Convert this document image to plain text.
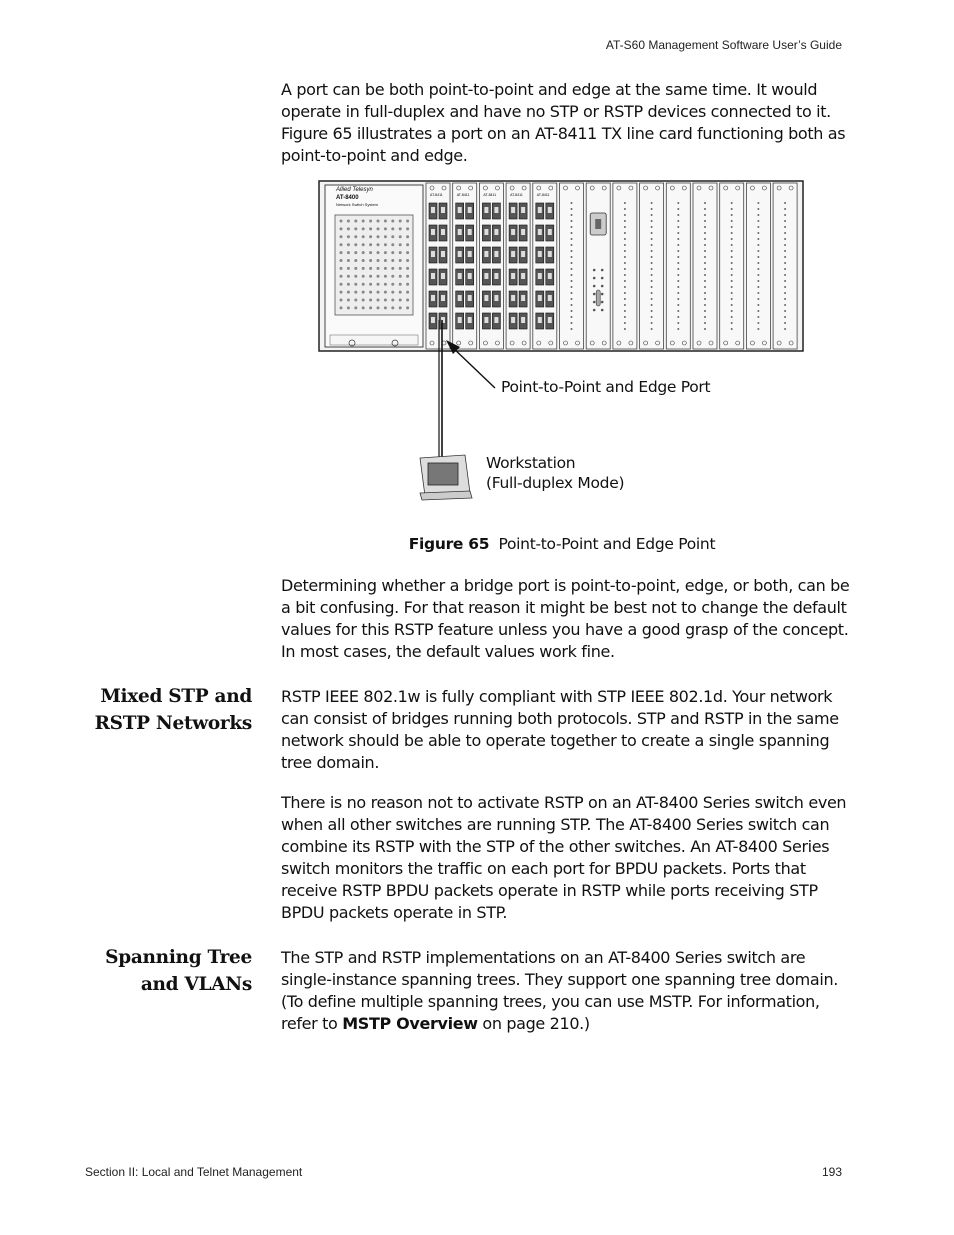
AT-S60 Management Software User’s Guide
A port can be both point-to-point and edge at the same time. It would operate in full-duplex and have no STP or RSTP devices connected to it. Figure 65 illustrates a port on an AT-8411 TX line card functioning both as point-to-point and edge.
AT-8411	AT-8411	AT-8411	AT-8411	AT-8411
Allied Telesyn
AT-8400
Network Switch System
Point-to-Point and Edge Port
Workstation
(Full-duplex Mode)
Figure 65 Point-to-Point and Edge Point
Determining whether a bridge port is point-to-point, edge, or both, can be a bit confusing. For that reason it might be best not to change the default values for this RSTP feature unless you have a good grasp of the concept. In most cases, the default values work fine.
Mixed STP and
RSTP Networks
RSTP IEEE 802.1w is fully compliant with STP IEEE 802.1d. Your network can consist of bridges running both protocols. STP and RSTP in the same network should be able to operate together to create a single spanning tree domain.
There is no reason not to activate RSTP on an AT-8400 Series switch even when all other switches are running STP. The AT-8400 Series switch can combine its RSTP with the STP of the other switches. An AT-8400 Series switch monitors the traffic on each port for BPDU packets. Ports that receive RSTP BPDU packets operate in RSTP while ports receiving STP BPDU packets operate in STP.
Spanning Tree
and VLANs
The STP and RSTP implementations on an AT-8400 Series switch are single-instance spanning trees. They support one spanning tree domain. (To define multiple spanning trees, you can use MSTP. For information, refer to MSTP Overview on page 210.)
Section II: Local and Telnet Management	193
